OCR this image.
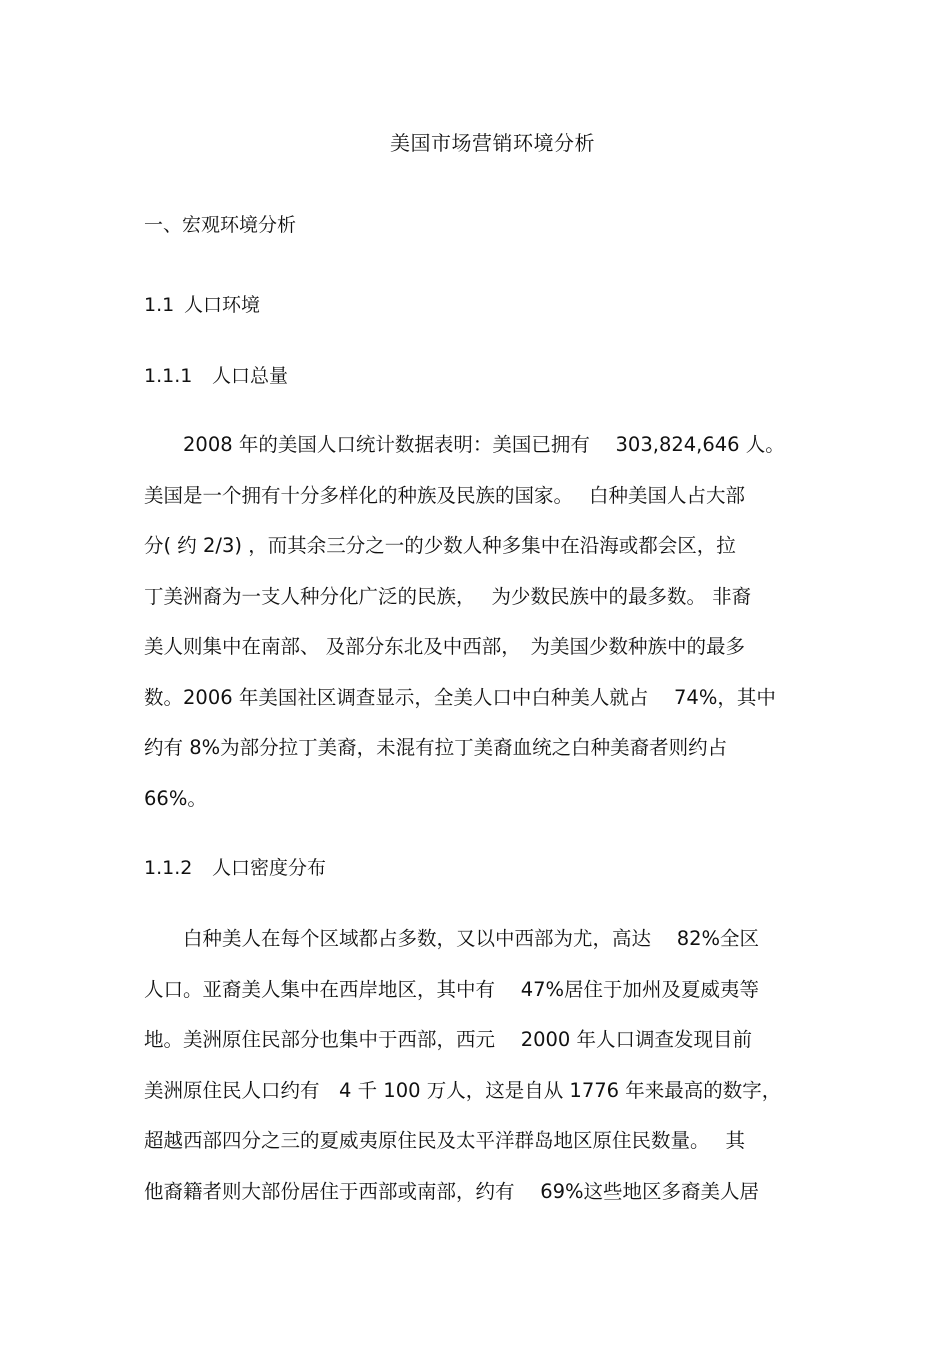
美国市场营销环境分析
一、宏观环境分析
1.1 人口环境
1.1.1 人口总量
　　2008 年的美国人口统计数据表明：美国已拥有　 303,824,646 人。
美国是一个拥有十分多样化的种族及民族的国家。　 白种美国人占大部
分( 约 2/3) ，而其余三分之一的少数人种多集中在沿海或都会区，拉
丁美洲裔为一支人种分化广泛的民族，　 为少数民族中的最多数。 非裔
美人则集中在南部、 及部分东北及中西部，　为美国少数种族中的最多
数。2006 年美国社区调查显示，全美人口中白种美人就占　 74%，其中
约有 8%为部分拉丁美裔，未混有拉丁美裔血统之白种美裔者则约占
66%。
1.1.2 人口密度分布
　　白种美人在每个区域都占多数，又以中西部为尤，高达　 82%全区
人口。亚裔美人集中在西岸地区，其中有　 47%居住于加州及夏威夷等
地。美洲原住民部分也集中于西部，西元　 2000 年人口调查发现目前
美洲原住民人口约有　4 千 100 万人，这是自从 1776 年来最高的数字，
超越西部四分之三的夏威夷原住民及太平洋群岛地区原住民数量。　 其
他裔籍者则大部份居住于西部或南部，约有　 69%这些地区多裔美人居
